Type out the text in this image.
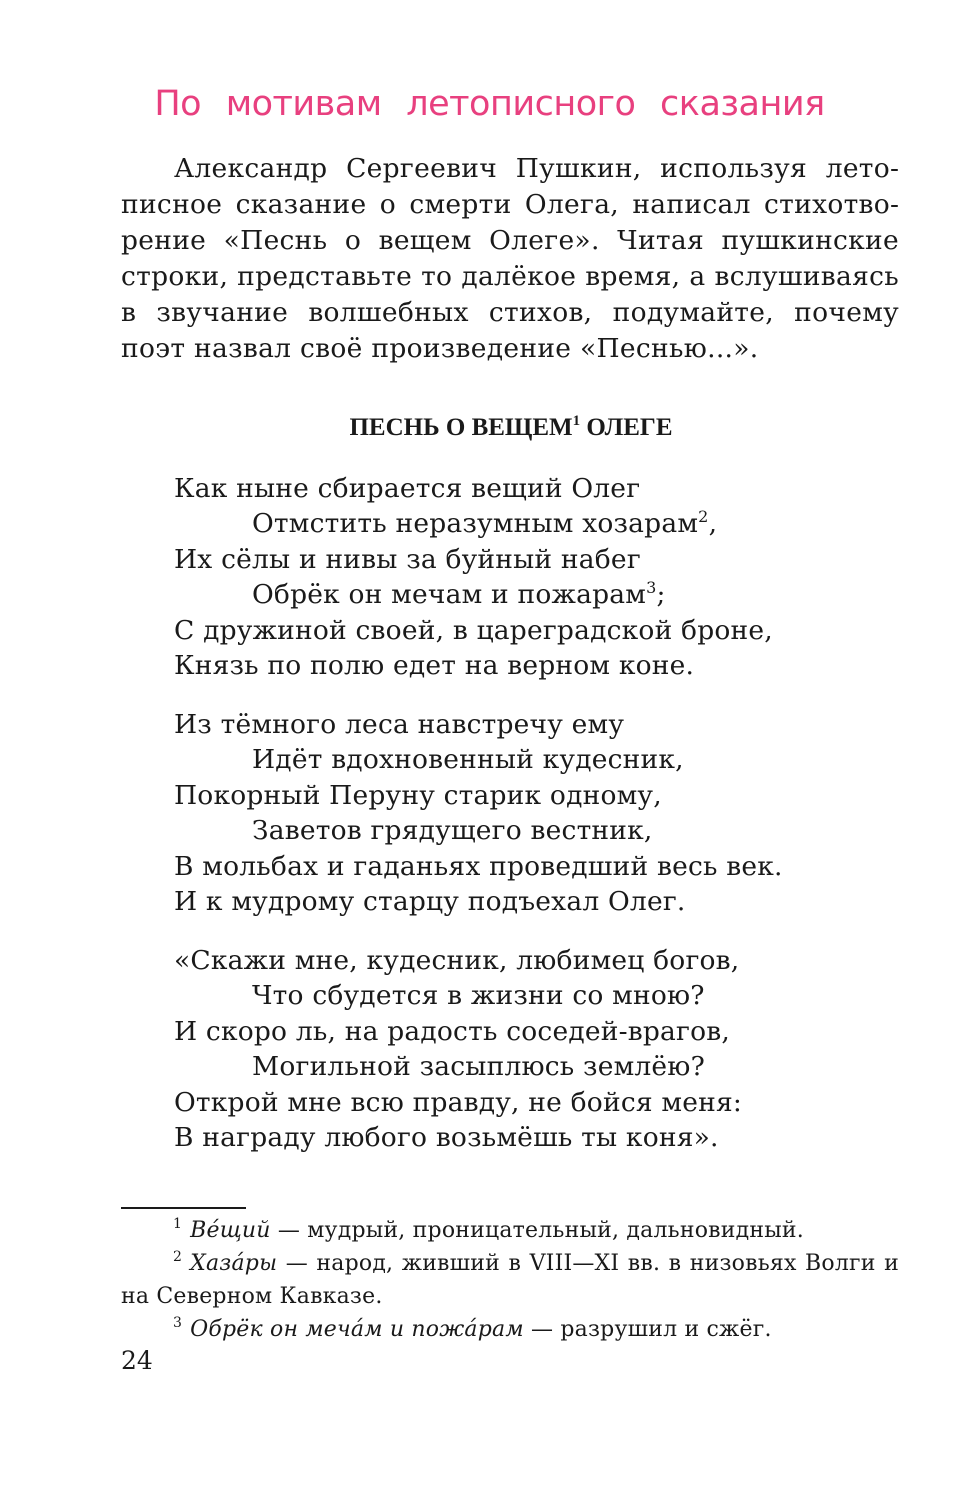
По мотивам летописного сказания
Александр Сергеевич Пушкин, используя летописное сказание о смерти Олега, написал стихотворение «Песнь о вещем Олеге». Читая пушкинские строки, представьте то далёкое время, а вслушиваясь в звучание волшебных стихов, подумайте, почему поэт назвал своё произведение «Песнью...».
ПЕСНЬ О ВЕЩЕМ$^1$ ОЛЕГЕ
Как ныне сбирается вещий Олег
Отмстить неразумным хозарам$^2$,
Их сёлы и нивы за буйный набег
Обрёк он мечам и пожарам$^3$;
С дружиной своей, в цареградской броне,
Князь по полю едет на верном коне.
Из тёмного леса навстречу ему
Идёт вдохновенный кудесник,
Покорный Перуну старик одному,
Заветов грядущего вестник,
В мольбах и гаданьях проведший весь век.
И к мудрому старцу подъехал Олег.
«Скажи мне, кудесник, любимец богов,
Что сбудется в жизни со мною?
И скоро ль, на радость соседей-врагов,
Могильной засыплюсь землёю?
Открой мне всю правду, не бойся меня:
В награду любого возьмёшь ты коня».
$^1$ Ве́щий — мудрый, проницательный, дальновидный.
$^2$ Хаза́ры — народ, живший в VIII—XI вв. в низовьях Волги и на Северном Кавказе.
$^3$ Обрёк он меча́м и пожа́рам — разрушил и сжёг.
24
